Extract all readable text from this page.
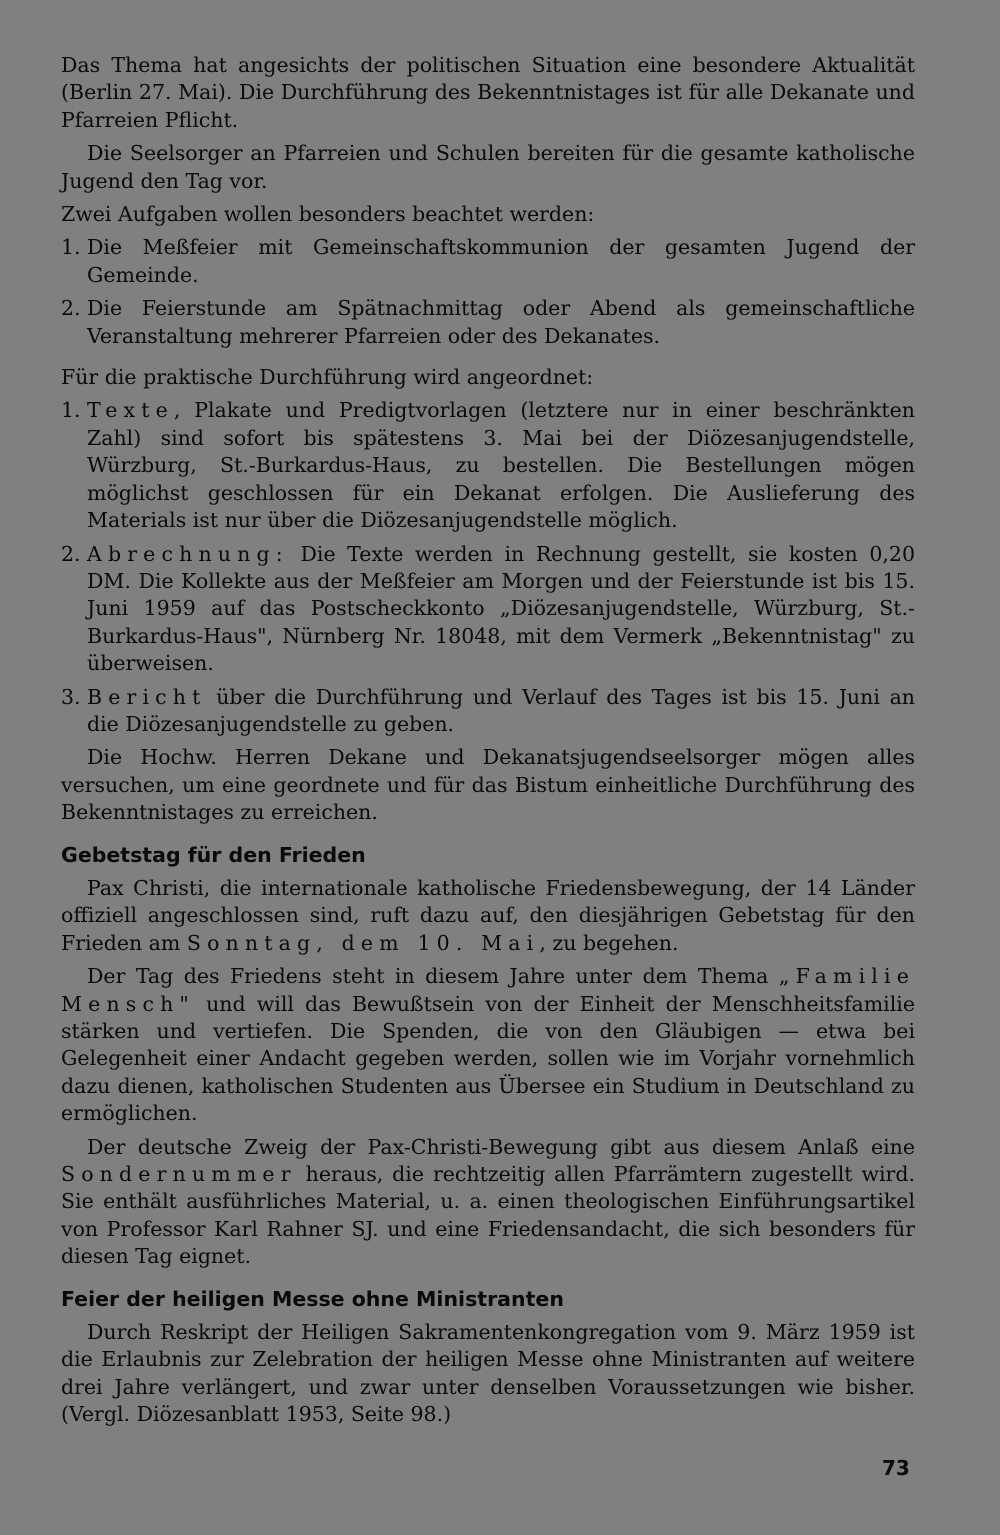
Das Thema hat angesichts der politischen Situation eine besondere Aktualität (Berlin 27. Mai). Die Durchführung des Bekenntnistages ist für alle Dekanate und Pfarreien Pflicht.

Die Seelsorger an Pfarreien und Schulen bereiten für die gesamte katholische Jugend den Tag vor.

Zwei Aufgaben wollen besonders beachtet werden:

1. Die Meßfeier mit Gemeinschaftskommunion der gesamten Jugend der Gemeinde.
2. Die Feierstunde am Spätnachmittag oder Abend als gemeinschaftliche Veranstaltung mehrerer Pfarreien oder des Dekanates.

Für die praktische Durchführung wird angeordnet:

1. Texte, Plakate und Predigtvorlagen (letztere nur in einer beschränkten Zahl) sind sofort bis spätestens 3. Mai bei der Diözesanjugendstelle, Würzburg, St.-Burkardus-Haus, zu bestellen. Die Bestellungen mögen möglichst geschlossen für ein Dekanat erfolgen. Die Auslieferung des Materials ist nur über die Diözesanjugendstelle möglich.
2. Abrechnung: Die Texte werden in Rechnung gestellt, sie kosten 0,20 DM. Die Kollekte aus der Meßfeier am Morgen und der Feierstunde ist bis 15. Juni 1959 auf das Postscheckkonto „Diözesanjugendstelle, Würzburg, St.-Burkardus-Haus", Nürnberg Nr. 18048, mit dem Vermerk „Bekenntnistag" zu überweisen.
3. Bericht über die Durchführung und Verlauf des Tages ist bis 15. Juni an die Diözesanjugendstelle zu geben.

Die Hochw. Herren Dekane und Dekanatsjugendseelsorger mögen alles versuchen, um eine geordnete und für das Bistum einheitliche Durchführung des Bekenntnistages zu erreichen.

Gebetstag für den Frieden

Pax Christi, die internationale katholische Friedensbewegung, der 14 Länder offiziell angeschlossen sind, ruft dazu auf, den diesjährigen Gebetstag für den Frieden am Sonntag, dem 10. Mai, zu begehen.

Der Tag des Friedens steht in diesem Jahre unter dem Thema „Familie Mensch" und will das Bewußtsein von der Einheit der Menschheitsfamilie stärken und vertiefen. Die Spenden, die von den Gläubigen — etwa bei Gelegenheit einer Andacht gegeben werden, sollen wie im Vorjahr vornehmlich dazu dienen, katholischen Studenten aus Übersee ein Studium in Deutschland zu ermöglichen.

Der deutsche Zweig der Pax-Christi-Bewegung gibt aus diesem Anlaß eine Sondernummer heraus, die rechtzeitig allen Pfarrämtern zugestellt wird. Sie enthält ausführliches Material, u. a. einen theologischen Einführungsartikel von Professor Karl Rahner SJ. und eine Friedensandacht, die sich besonders für diesen Tag eignet.

Feier der heiligen Messe ohne Ministranten

Durch Reskript der Heiligen Sakramentenkongregation vom 9. März 1959 ist die Erlaubnis zur Zelebration der heiligen Messe ohne Ministranten auf weitere drei Jahre verlängert, und zwar unter denselben Voraussetzungen wie bisher. (Vergl. Diözesanblatt 1953, Seite 98.)

73
